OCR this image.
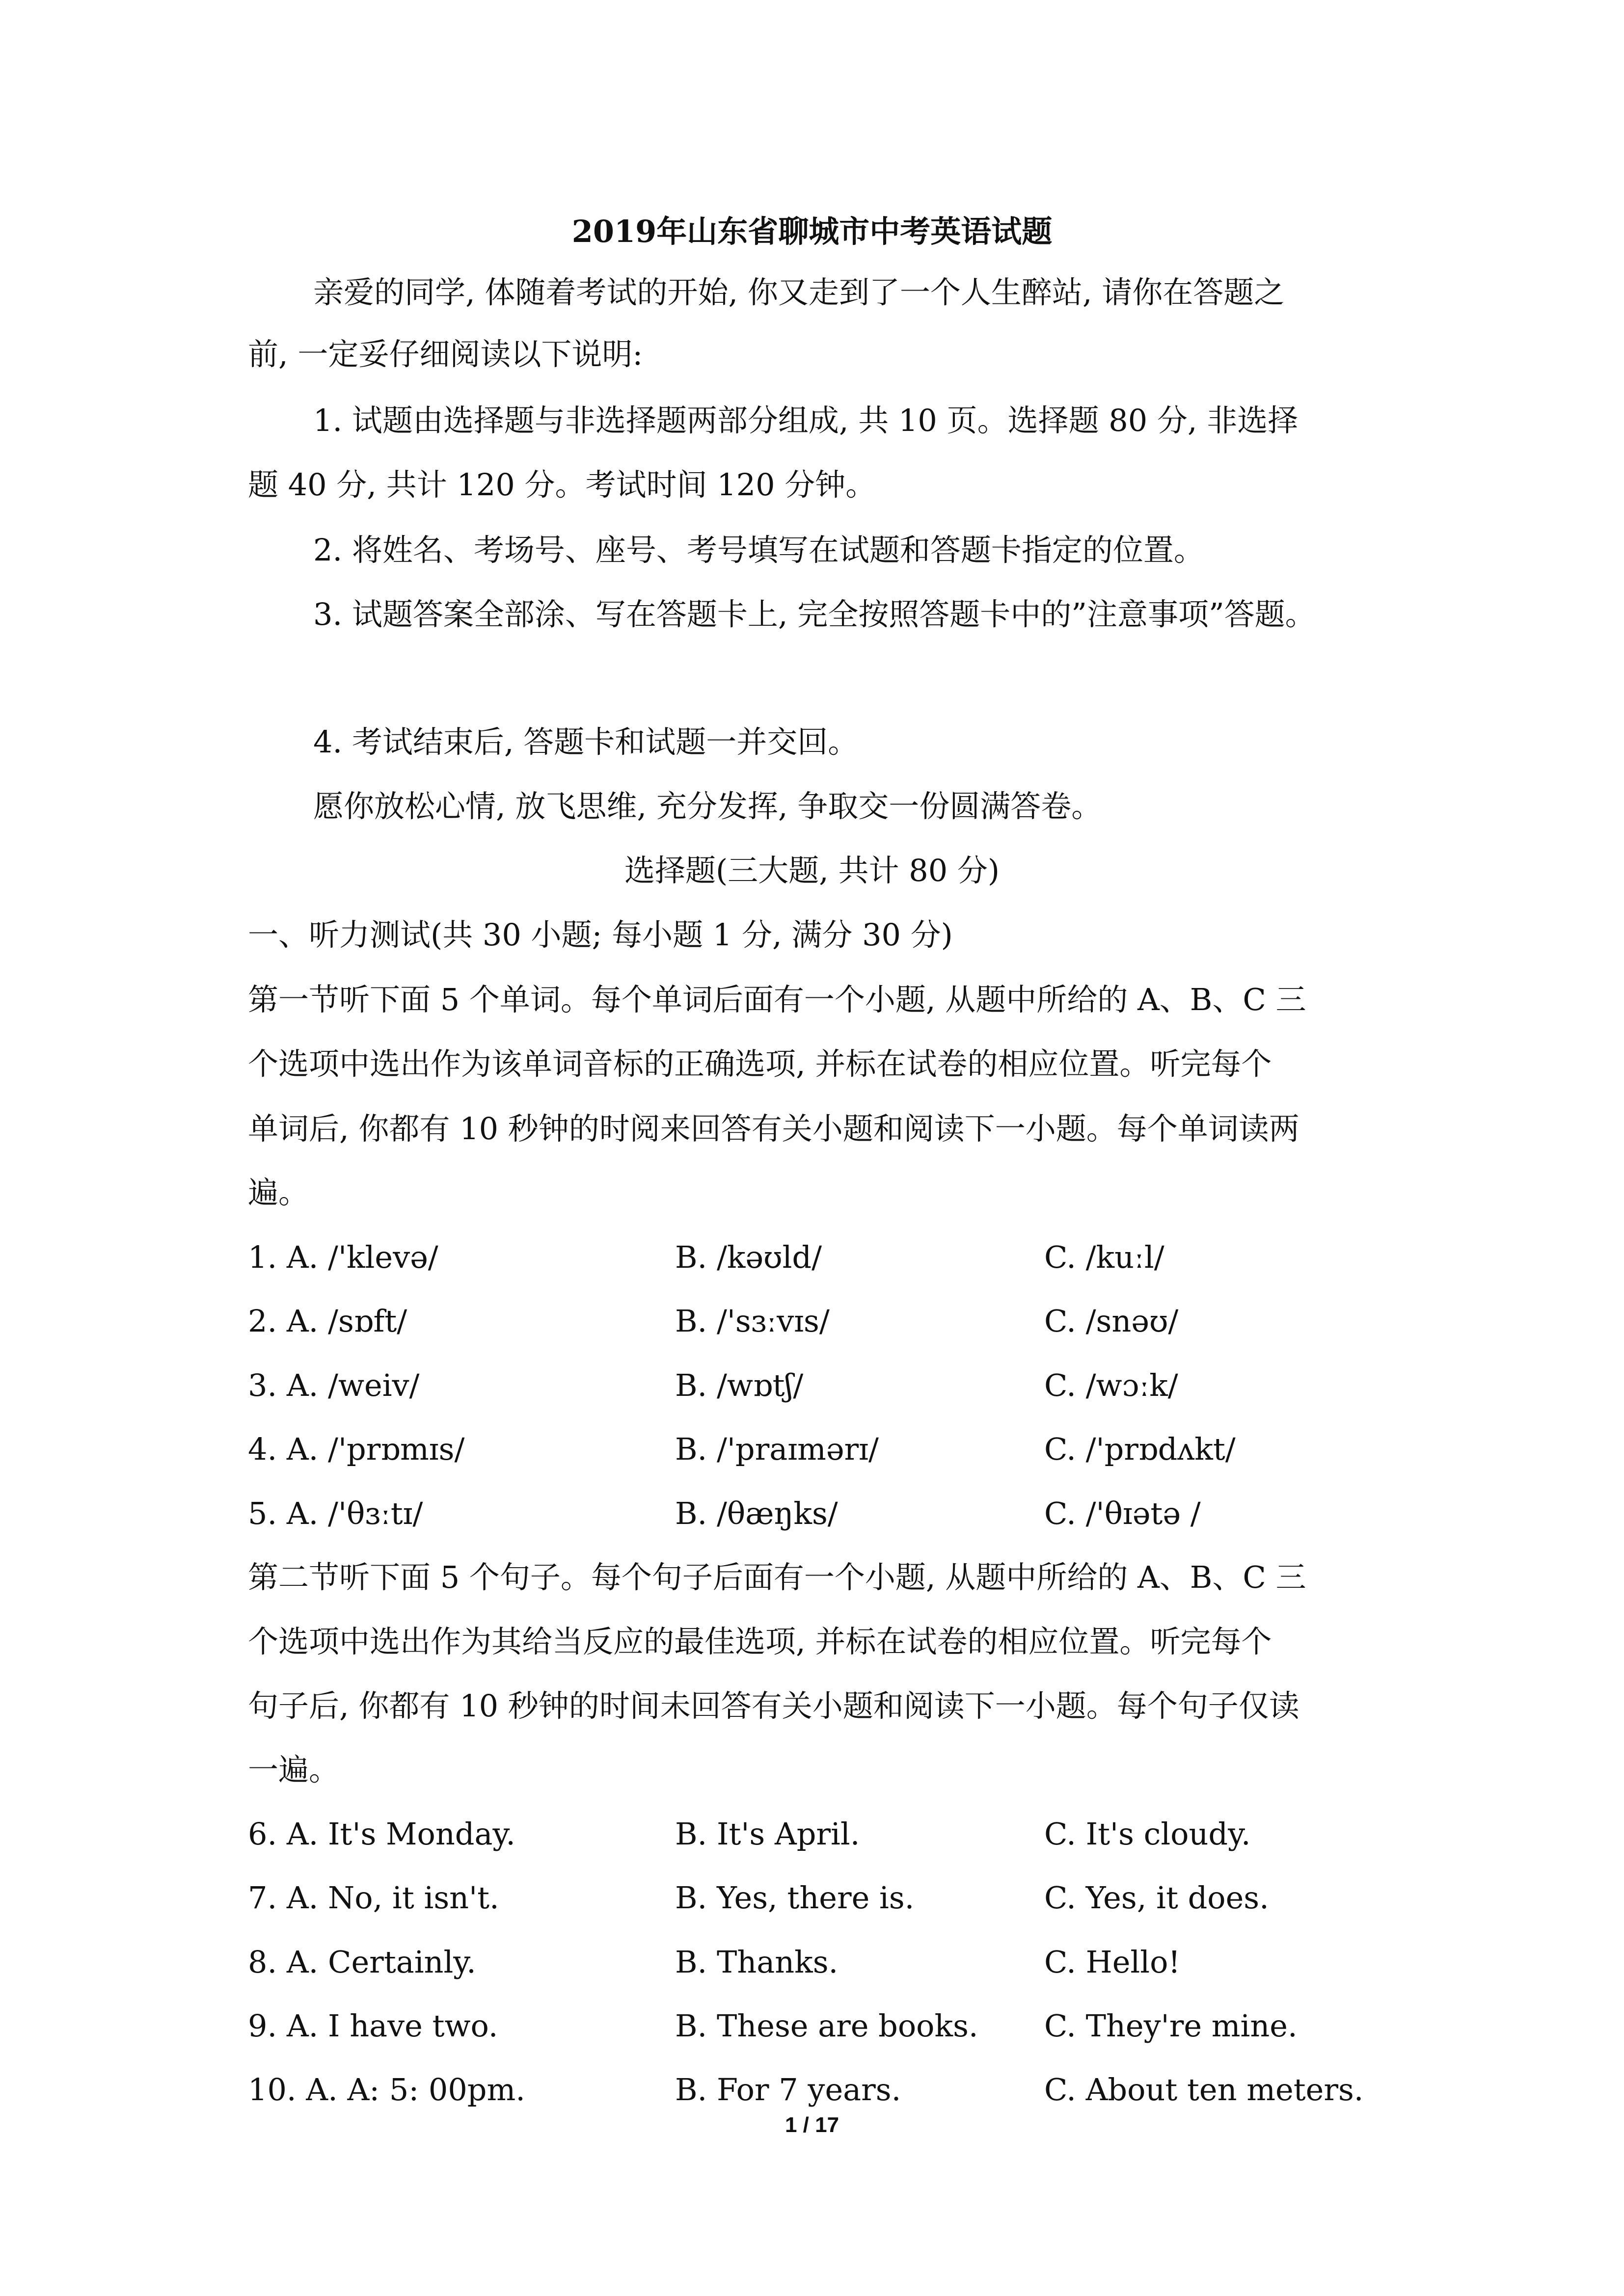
2019年山东省聊城市中考英语试题
亲爱的同学, 体随着考试的开始, 你又走到了一个人生醉站, 请你在答题之
前, 一定妥仔细阅读以下说明:
1. 试题由选择题与非选择题两部分组成, 共 10 页。选择题 80 分, 非选择
题 40 分, 共计 120 分。考试时间 120 分钟。
2. 将姓名、考场号、座号、考号填写在试题和答题卡指定的位置。
3. 试题答案全部涂、写在答题卡上, 完全按照答题卡中的”注意事项”答题。
4. 考试结束后, 答题卡和试题一并交回。
愿你放松心情, 放飞思维, 充分发挥, 争取交一份圆满答卷。
选择题(三大题, 共计 80 分)
一、听力测试(共 30 小题; 每小题 1 分, 满分 30 分)
第一节听下面 5 个单词。每个单词后面有一个小题, 从题中所给的 A、B、C 三
个选项中选出作为该单词音标的正确选项, 并标在试卷的相应位置。听完每个
单词后, 你都有 10 秒钟的时阅来回答有关小题和阅读下一小题。每个单词读两
遍。
1. A. /'klevə/	B. /kəʊld/	C. /kuːl/
2. A. /sɒft/	B. /'sɜːvɪs/	C. /snəʊ/
3. A. /weiv/	B. /wɒtʃ/	C. /wɔːk/
4. A. /'prɒmɪs/	B. /'praɪmərɪ/	C. /'prɒdʌkt/
5. A. /'θɜːtɪ/	B. /θæŋks/	C. /'θɪətə /
第二节听下面 5 个句子。每个句子后面有一个小题, 从题中所给的 A、B、C 三
个选项中选出作为其给当反应的最佳选项, 并标在试卷的相应位置。听完每个
句子后, 你都有 10 秒钟的时间未回答有关小题和阅读下一小题。每个句子仅读
一遍。
6. A. It's Monday.	B. It's April.	C. It's cloudy.
7. A. No, it isn't.	B. Yes, there is.	C. Yes, it does.
8. A. Certainly.	B. Thanks.	C. Hello!
9. A. I have two.	B. These are books. C. They're mine.
10. A. A: 5: 00pm.	B. For 7 years.	C. About ten meters.
1 / 17
